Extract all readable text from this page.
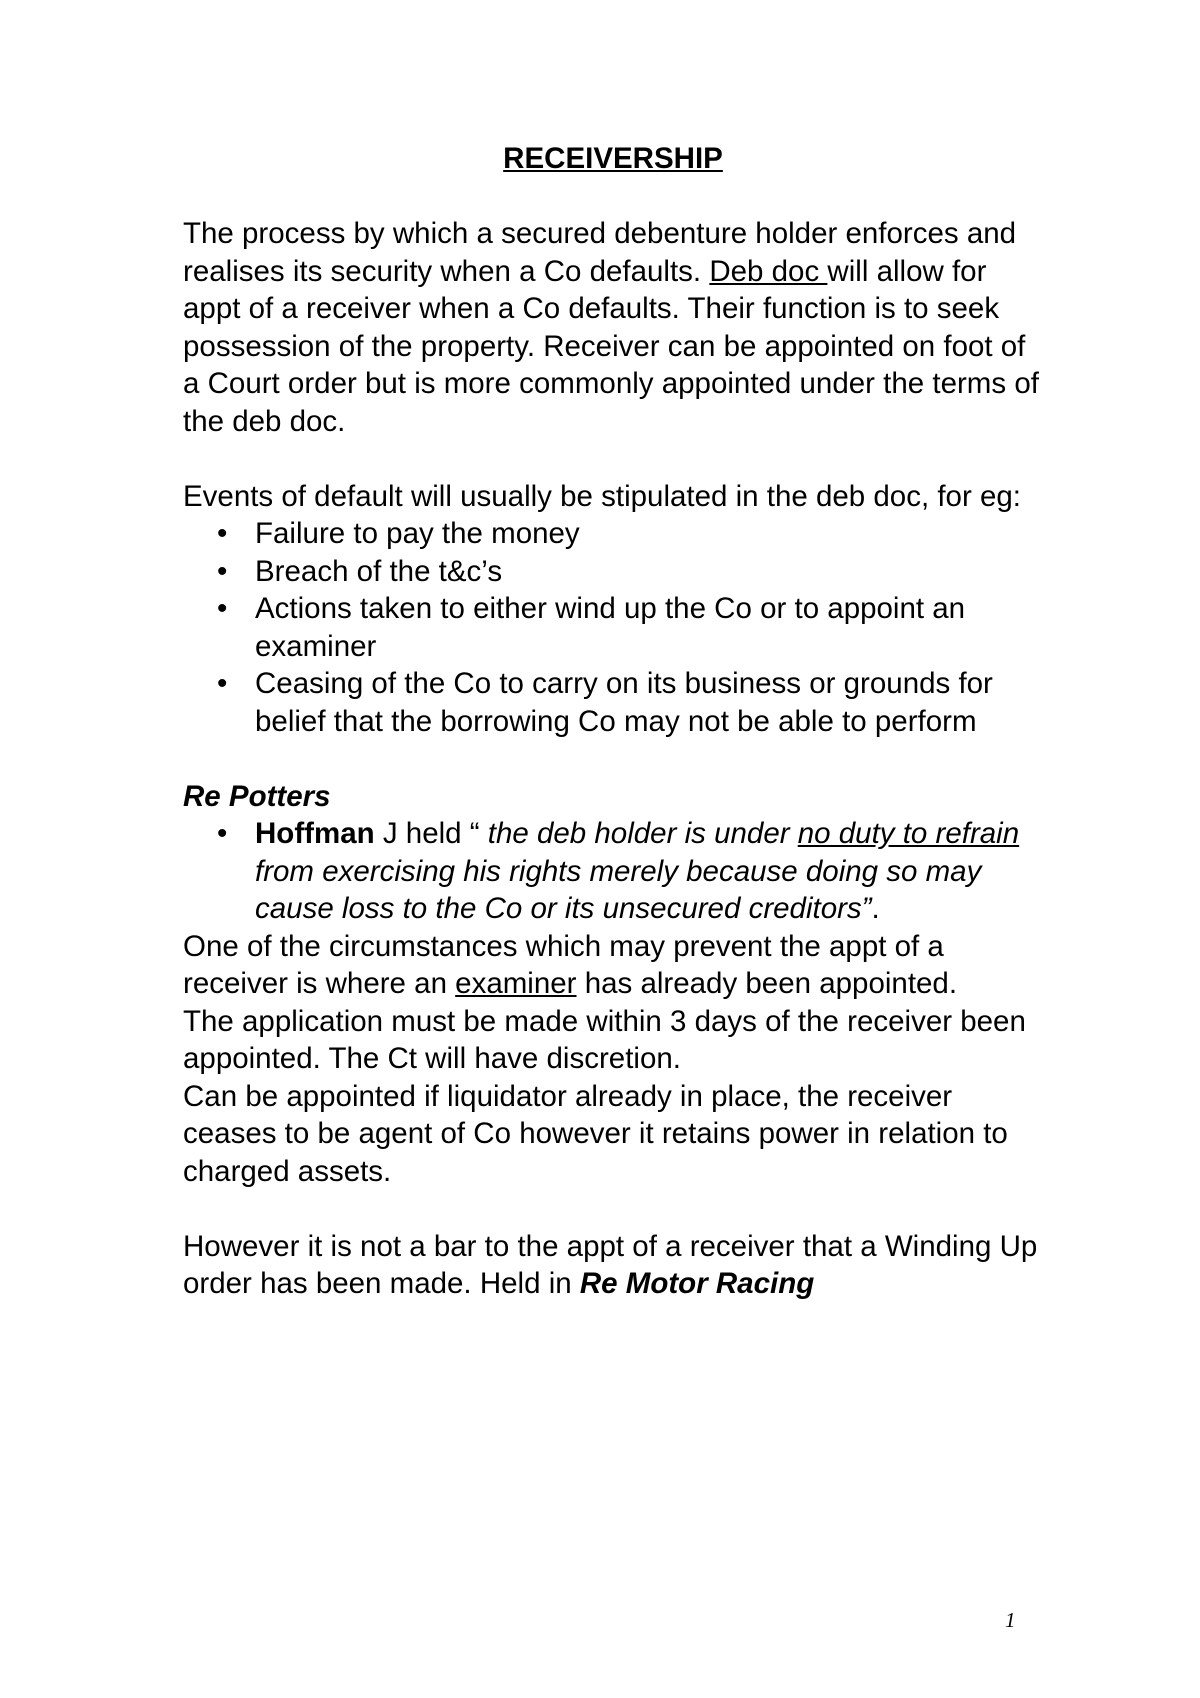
RECEIVERSHIP

The process by which a secured debenture holder enforces and realises its security when a Co defaults. Deb doc will allow for appt of a receiver when a Co defaults. Their function is to seek possession of the property. Receiver can be appointed on foot of a Court order but is more commonly appointed under the terms of the deb doc.

Events of default will usually be stipulated in the deb doc, for eg:

• Failure to pay the money
• Breach of the t&c’s
• Actions taken to either wind up the Co or to appoint an examiner
• Ceasing of the Co to carry on its business or grounds for belief that the borrowing Co may not be able to perform

Re Potters

• Hoffman J held “ the deb holder is under no duty to refrain from exercising his rights merely because doing so may cause loss to the Co or its unsecured creditors”.

One of the circumstances which may prevent the appt of a receiver is where an examiner has already been appointed.

The application must be made within 3 days of the receiver been appointed. The Ct will have discretion.

Can be appointed if liquidator already in place, the receiver ceases to be agent of Co however it retains power in relation to charged assets.

However it is not a bar to the appt of a receiver that a Winding Up order has been made. Held in Re Motor Racing

1
